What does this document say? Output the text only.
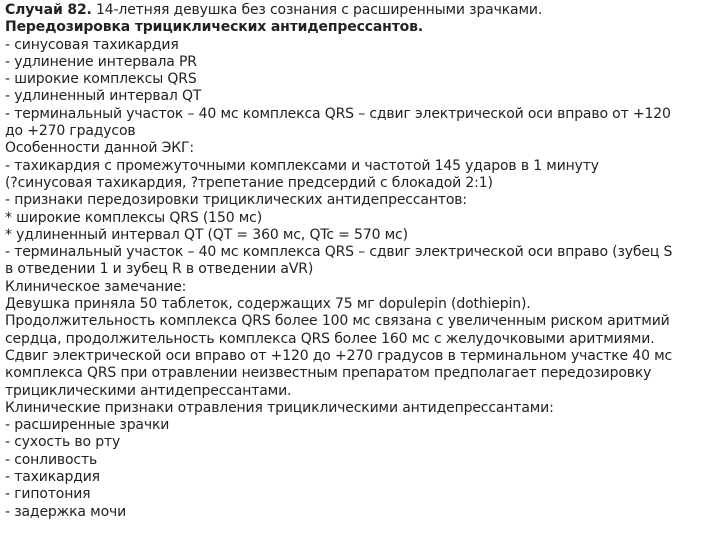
Случай 82. 14-летняя девушка без сознания с расширенными зрачками.
Передозировка трициклических антидепрессантов.
- синусовая тахикардия
- удлинение интервала PR
- широкие комплексы QRS
- удлиненный интервал QT
- терминальный участок – 40 мс комплекса QRS – сдвиг электрической оси вправо от +120
до +270 градусов
Особенности данной ЭКГ:
- тахикардия с промежуточными комплексами и частотой 145 ударов в 1 минуту
(?синусовая тахикардия, ?трепетание предсердий с блокадой 2:1)
- признаки передозировки трициклических антидепрессантов:
* широкие комплексы QRS (150 мс)
* удлиненный интервал QT (QT = 360 мс, QTc = 570 мс)
- терминальный участок – 40 мс комплекса QRS – сдвиг электрической оси вправо (зубец S
в отведении 1 и зубец R в отведении aVR)
Клиническое замечание:
Девушка приняла 50 таблеток, содержащих 75 мг dopulepin (dothiepin).
Продолжительность комплекса QRS более 100 мс связана с увеличенным риском аритмий
сердца, продолжительность комплекса QRS более 160 мс с желудочковыми аритмиями.
Сдвиг электрической оси вправо от +120 до +270 градусов в терминальном участке 40 мс
комплекса QRS при отравлении неизвестным препаратом предполагает передозировку
трициклическими антидепрессантами.
Клинические признаки отравления трициклическими антидепрессантами:
- расширенные зрачки
- сухость во рту
- сонливость
- тахикардия
- гипотония
- задержка мочи
